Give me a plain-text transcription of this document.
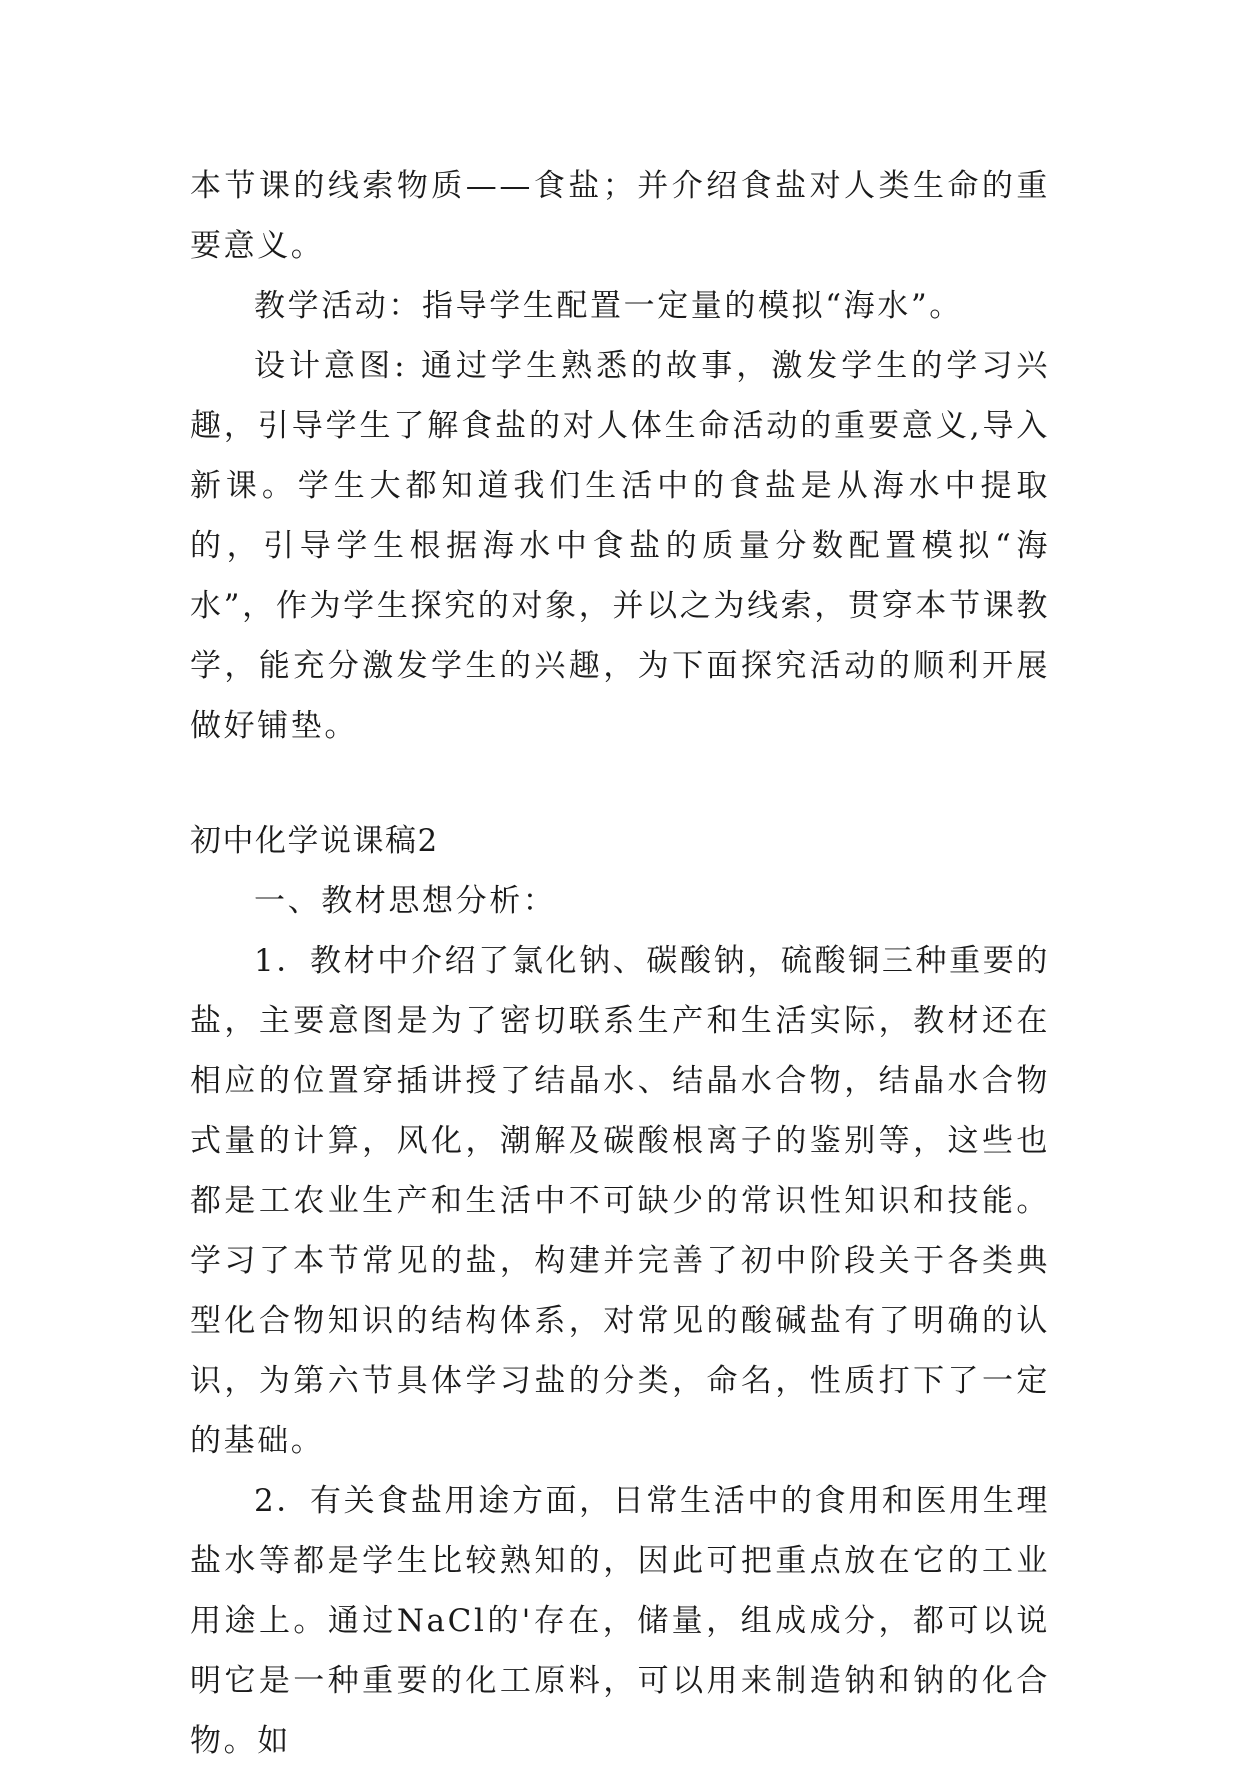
本节课的线索物质——食盐；并介绍食盐对人类生命的重要意义。

教学活动：指导学生配置一定量的模拟“海水”。

设计意图: 通过学生熟悉的故事，激发学生的学习兴趣，引导学生了解食盐的对人体生命活动的重要意义,导入新课。学生大都知道我们生活中的食盐是从海水中提取的，引导学生根据海水中食盐的质量分数配置模拟“海水”，作为学生探究的对象，并以之为线索，贯穿本节课教学，能充分激发学生的兴趣，为下面探究活动的顺利开展做好铺垫。

初中化学说课稿2

一、教材思想分析：

1．教材中介绍了氯化钠、碳酸钠，硫酸铜三种重要的盐，主要意图是为了密切联系生产和生活实际，教材还在相应的位置穿插讲授了结晶水、结晶水合物，结晶水合物式量的计算，风化，潮解及碳酸根离子的鉴别等，这些也都是工农业生产和生活中不可缺少的常识性知识和技能。学习了本节常见的盐，构建并完善了初中阶段关于各类典型化合物知识的结构体系，对常见的酸碱盐有了明确的认识，为第六节具体学习盐的分类，命名，性质打下了一定的基础。

2．有关食盐用途方面，日常生活中的食用和医用生理盐水等都是学生比较熟知的，因此可把重点放在它的工业用途上。通过NaCl的'存在，储量，组成成分，都可以说明它是一种重要的化工原料，可以用来制造钠和钠的化合物。如
